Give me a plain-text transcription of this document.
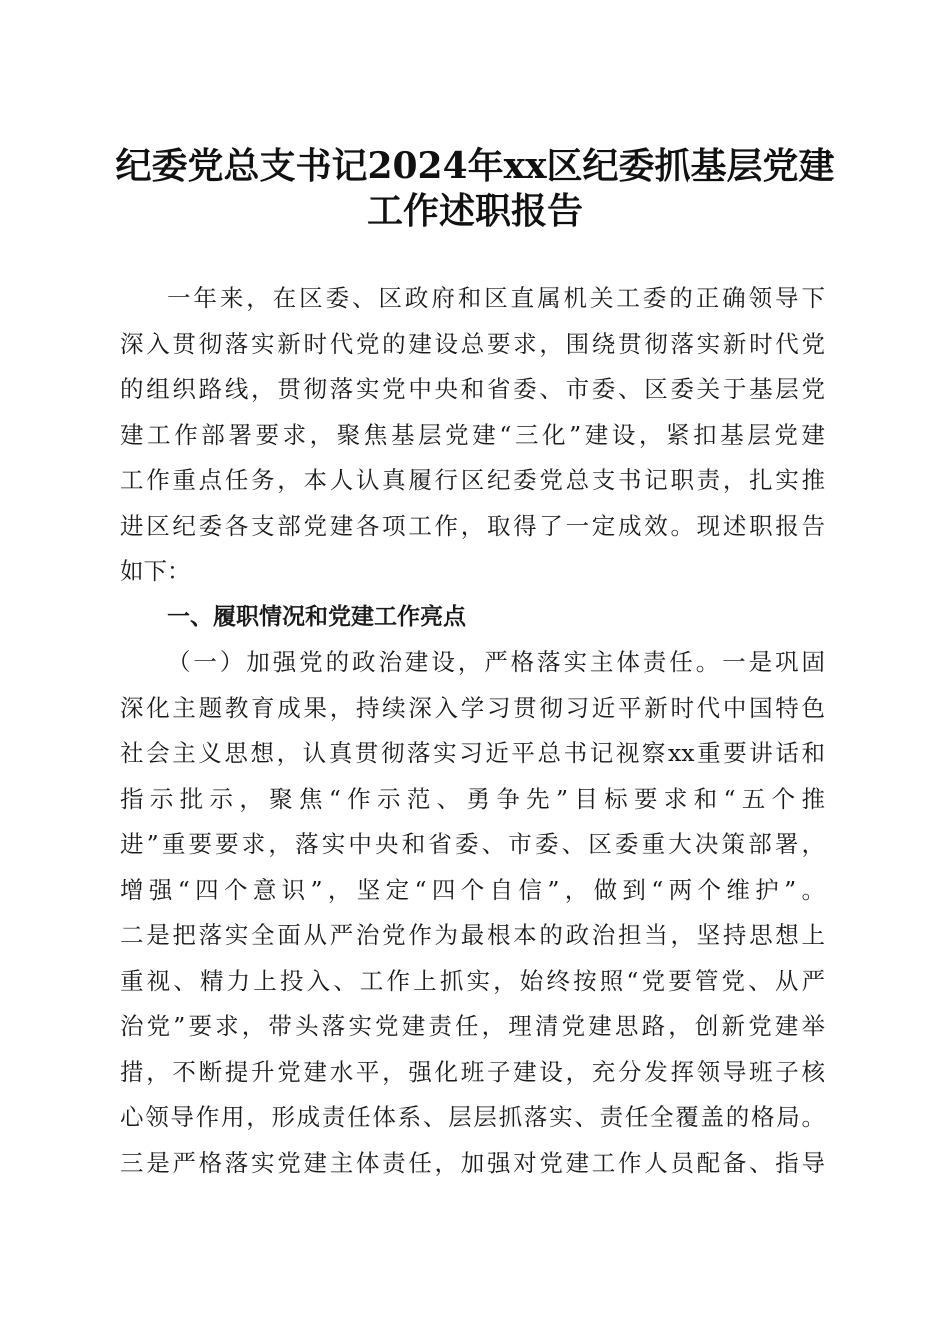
纪委党总支书记2024年xx区纪委抓基层党建
工作述职报告
一年来，在区委、区政府和区直属机关工委的正确领导下
深入贯彻落实新时代党的建设总要求，围绕贯彻落实新时代党
的组织路线，贯彻落实党中央和省委、市委、区委关于基层党
建工作部署要求，聚焦基层党建“三化”建设，紧扣基层党建
工作重点任务，本人认真履行区纪委党总支书记职责，扎实推
进区纪委各支部党建各项工作，取得了一定成效。现述职报告
如下：
一、履职情况和党建工作亮点
（一）加强党的政治建设，严格落实主体责任。一是巩固
深化主题教育成果，持续深入学习贯彻习近平新时代中国特色
社会主义思想，认真贯彻落实习近平总书记视察xx重要讲话和
指示批示，聚焦“作示范、勇争先”目标要求和“五个推
进”重要要求，落实中央和省委、市委、区委重大决策部署，
增强“四个意识”，坚定“四个自信”，做到“两个维护”。
二是把落实全面从严治党作为最根本的政治担当，坚持思想上
重视、精力上投入、工作上抓实，始终按照“党要管党、从严
治党”要求，带头落实党建责任，理清党建思路，创新党建举
措，不断提升党建水平，强化班子建设，充分发挥领导班子核
心领导作用，形成责任体系、层层抓落实、责任全覆盖的格局。
三是严格落实党建主体责任，加强对党建工作人员配备、指导
